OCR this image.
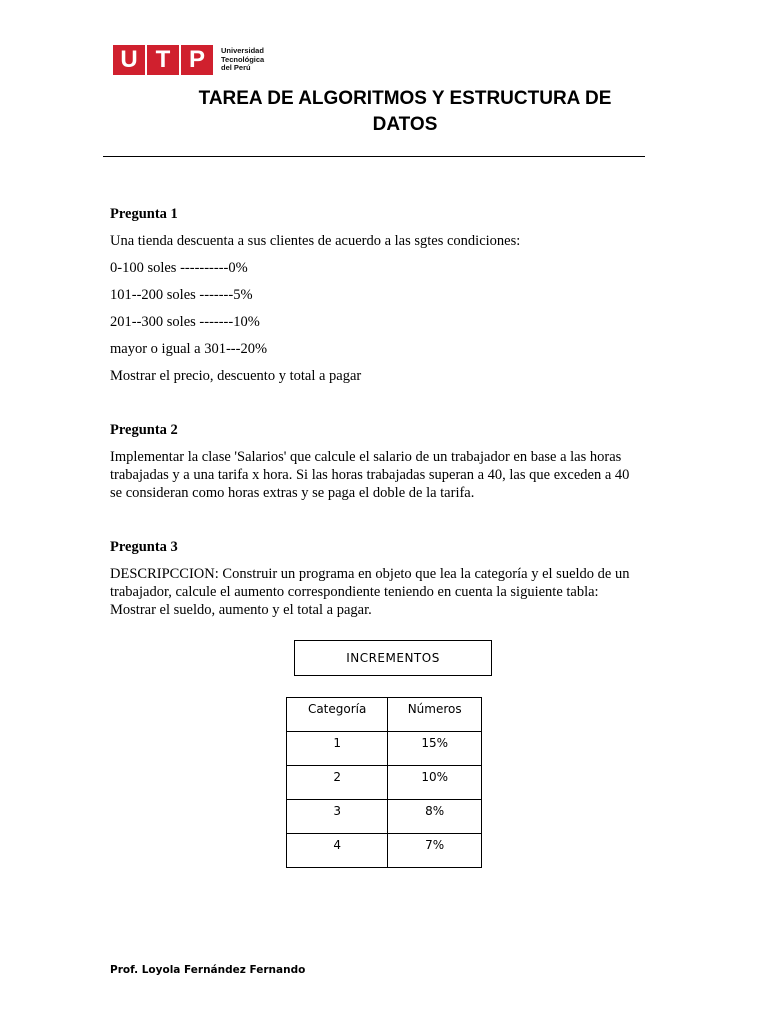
U T P	Universidad
Tecnológica
del Perú
TAREA DE ALGORITMOS Y ESTRUCTURA DE
DATOS
Pregunta 1
Una tienda descuenta a sus clientes de acuerdo a las sgtes condiciones:
0-100 soles ----------0%
101--200 soles -------5%
201--300 soles -------10%
mayor o igual a 301---20%
Mostrar el precio, descuento y total a pagar
Pregunta 2
Implementar la clase 'Salarios' que calcule el salario de un trabajador en base a las horas
trabajadas y a una tarifa x hora. Si las horas trabajadas superan a 40, las que exceden a 40
se consideran como horas extras y se paga el doble de la tarifa.
Pregunta 3
DESCRIPCCION: Construir un programa en objeto que lea la categoría y el sueldo de un
trabajador, calcule el aumento correspondiente teniendo en cuenta la siguiente tabla:
Mostrar el sueldo, aumento y el total a pagar.
INCREMENTOS
Categoría	Números

1	15%

2	10%

3	8%

4	7%
Prof. Loyola Fernández Fernando
